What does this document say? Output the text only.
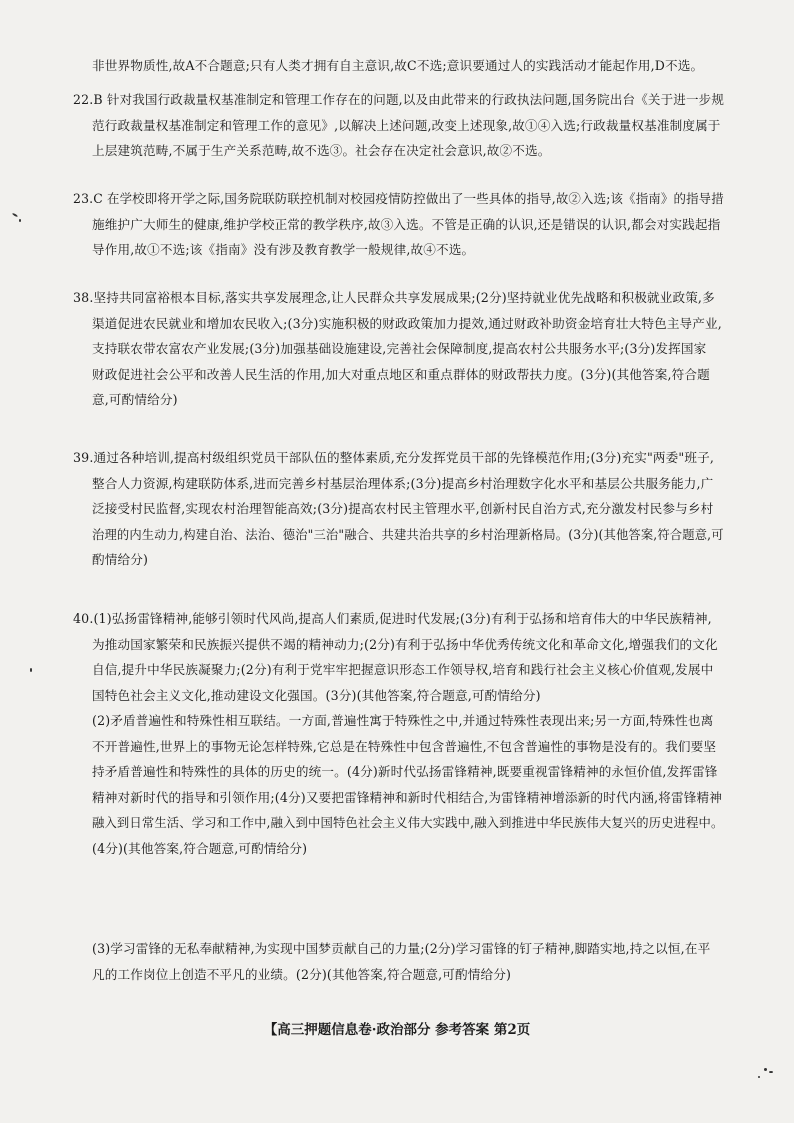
非世界物质性,故A不合题意;只有人类才拥有自主意识,故C不选;意识要通过人的实践活动才能起作用,D不选。
22.B 针对我国行政裁量权基准制定和管理工作存在的问题,以及由此带来的行政执法问题,国务院出台《关于进一步规
范行政裁量权基准制定和管理工作的意见》,以解决上述问题,改变上述现象,故①④入选;行政裁量权基准制度属于
上层建筑范畴,不属于生产关系范畴,故不选③。社会存在决定社会意识,故②不选。
23.C 在学校即将开学之际,国务院联防联控机制对校园疫情防控做出了一些具体的指导,故②入选;该《指南》的指导措
施维护广大师生的健康,维护学校正常的教学秩序,故③入选。不管是正确的认识,还是错误的认识,都会对实践起指
导作用,故①不选;该《指南》没有涉及教育教学一般规律,故④不选。
38.坚持共同富裕根本目标,落实共享发展理念,让人民群众共享发展成果;(2分)坚持就业优先战略和积极就业政策,多
渠道促进农民就业和增加农民收入;(3分)实施积极的财政政策加力提效,通过财政补助资金培育壮大特色主导产业,
支持联农带农富农产业发展;(3分)加强基础设施建设,完善社会保障制度,提高农村公共服务水平;(3分)发挥国家
财政促进社会公平和改善人民生活的作用,加大对重点地区和重点群体的财政帮扶力度。(3分)(其他答案,符合题
意,可酌情给分)
39.通过各种培训,提高村级组织党员干部队伍的整体素质,充分发挥党员干部的先锋模范作用;(3分)充实"两委"班子,
整合人力资源,构建联防体系,进而完善乡村基层治理体系;(3分)提高乡村治理数字化水平和基层公共服务能力,广
泛接受村民监督,实现农村治理智能高效;(3分)提高农村民主管理水平,创新村民自治方式,充分激发村民参与乡村
治理的内生动力,构建自治、法治、德治"三治"融合、共建共治共享的乡村治理新格局。(3分)(其他答案,符合题意,可
酌情给分)
40.(1)弘扬雷锋精神,能够引领时代风尚,提高人们素质,促进时代发展;(3分)有利于弘扬和培育伟大的中华民族精神,
为推动国家繁荣和民族振兴提供不竭的精神动力;(2分)有利于弘扬中华优秀传统文化和革命文化,增强我们的文化
自信,提升中华民族凝聚力;(2分)有利于党牢牢把握意识形态工作领导权,培育和践行社会主义核心价值观,发展中
国特色社会主义文化,推动建设文化强国。(3分)(其他答案,符合题意,可酌情给分)
(2)矛盾普遍性和特殊性相互联结。一方面,普遍性寓于特殊性之中,并通过特殊性表现出来;另一方面,特殊性也离
不开普遍性,世界上的事物无论怎样特殊,它总是在特殊性中包含普遍性,不包含普遍性的事物是没有的。我们要坚
持矛盾普遍性和特殊性的具体的历史的统一。(4分)新时代弘扬雷锋精神,既要重视雷锋精神的永恒价值,发挥雷锋
精神对新时代的指导和引领作用;(4分)又要把雷锋精神和新时代相结合,为雷锋精神增添新的时代内涵,将雷锋精神
融入到日常生活、学习和工作中,融入到中国特色社会主义伟大实践中,融入到推进中华民族伟大复兴的历史进程中。
(4分)(其他答案,符合题意,可酌情给分)
(3)学习雷锋的无私奉献精神,为实现中国梦贡献自己的力量;(2分)学习雷锋的钉子精神,脚踏实地,持之以恒,在平
凡的工作岗位上创造不平凡的业绩。(2分)(其他答案,符合题意,可酌情给分)
【高三押题信息卷·政治部分 参考答案 第2页
